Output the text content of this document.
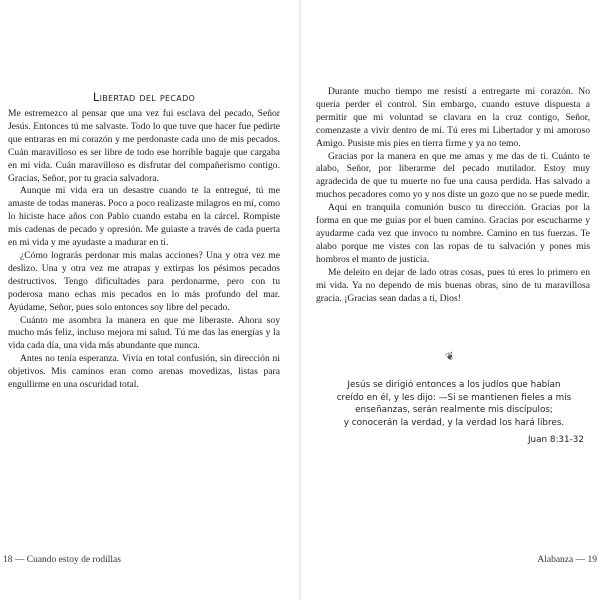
Libertad del pecado

Me estremezco al pensar que una vez fui esclava del pecado, Señor Jesús. Entonces tú me salvaste. Todo lo que tuve que hacer fue pedirte que entraras en mi corazón y me perdonaste cada uno de mis pecados. Cuán maravilloso es ser libre de todo ese horrible bagaje que cargaba en mi vida. Cuán maravilloso es disfrutar del compañerismo contigo. Gracias, Señor, por tu gracia salvadora.

Aunque mi vida era un desastre cuando te la entregué, tú me amaste de todas maneras. Poco a poco realizaste milagros en mí, como lo hiciste hace años con Pablo cuando estaba en la cárcel. Rompiste mis cadenas de pecado y opresión. Me guiaste a través de cada puerta en mi vida y me ayudaste a madurar en ti.

¿Cómo lograrás perdonar mis malas acciones? Una y otra vez me deslizo. Una y otra vez me atrapas y extirpas los pésimos pecados destructivos. Tengo dificultades para perdonarme, pero con tu poderosa mano echas mis pecados en lo más profundo del mar. Ayúdame, Señor, pues solo entonces soy libre del pecado.

Cuánto me asombra la manera en que me liberaste. Ahora soy mucho más feliz, incluso mejora mi salud. Tú me das las energías y la vida cada día, una vida más abundante que nunca.

Antes no tenía esperanza. Vivía en total confusión, sin dirección ni objetivos. Mis caminos eran como arenas movedizas, listas para engullirme en una oscuridad total.

18 — Cuando estoy de rodillas

Durante mucho tiempo me resistí a entregarte mi corazón. No quería perder el control. Sin embargo, cuando estuve dispuesta a permitir que mi voluntad se clavara en la cruz contigo, Señor, comenzaste a vivir dentro de mí. Tú eres mi Libertador y mi amoroso Amigo. Pusiste mis pies en tierra firme y ya no temo.

Gracias por la manera en que me amas y me das de ti. Cuánto te alabo, Señor, por liberarme del pecado mutilador. Estoy muy agradecida de que tu muerte no fue una causa perdida. Has salvado a muchos pecadores como yo y nos diste un gozo que no se puede medir.

Aquí en tranquila comunión busco tu dirección. Gracias por la forma en que me guías por el buen camino. Gracias por escucharme y ayudarme cada vez que invoco tu nombre. Camino en tus fuerzas. Te alabo porque me vistes con las ropas de tu salvación y pones mis hombros el manto de justicia.

Me deleito en dejar de lado otras cosas, pues tú eres lo primero en mi vida. Ya no dependo de mis buenas obras, sino de tu maravillosa gracia. ¡Gracias sean dadas a ti, Dios!

❦
Jesús se dirigió entonces a los judíos que habían
creído en él, y les dijo: —Si se mantienen fieles a mis
enseñanzas, serán realmente mis discípulos;
y conocerán la verdad, y la verdad los hará libres.
Juan 8:31-32
Alabanza — 19
